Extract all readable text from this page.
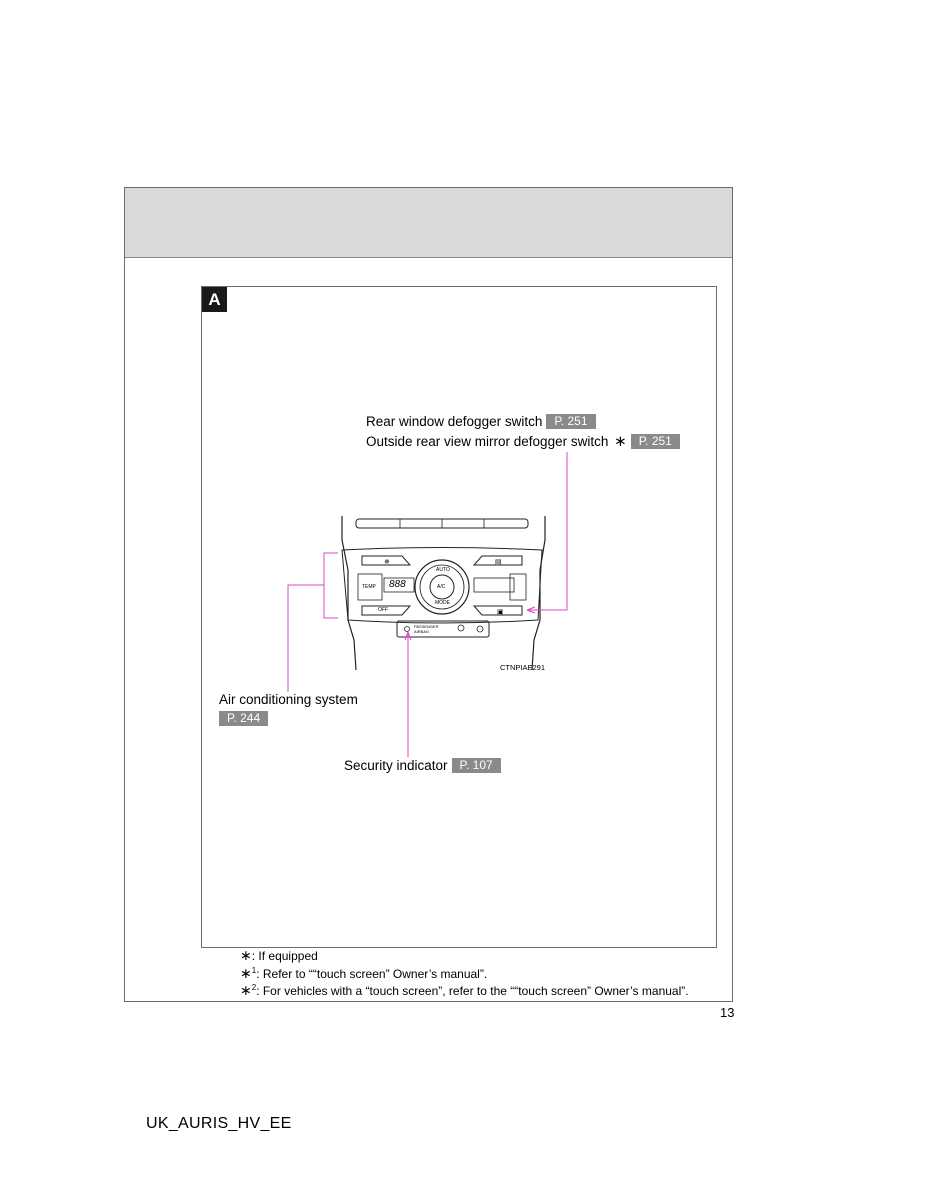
A
✵	▤
▣
AUTO
A/C
MODE
TEMP 888
OFF
PASSENGER AIRBAG
CTNPIAE291
Rear window defogger switch P. 251
Outside rear view mirror defogger switch ∗ P. 251
Air conditioning system
P. 244
Security indicator P. 107
∗: If equipped
∗$^1$: Refer to ““touch screen” Owner’s manual”.
∗$^2$: For vehicles with a “touch screen”, refer to the ““touch screen” Owner’s manual”.
13
UK_AURIS_HV_EE
